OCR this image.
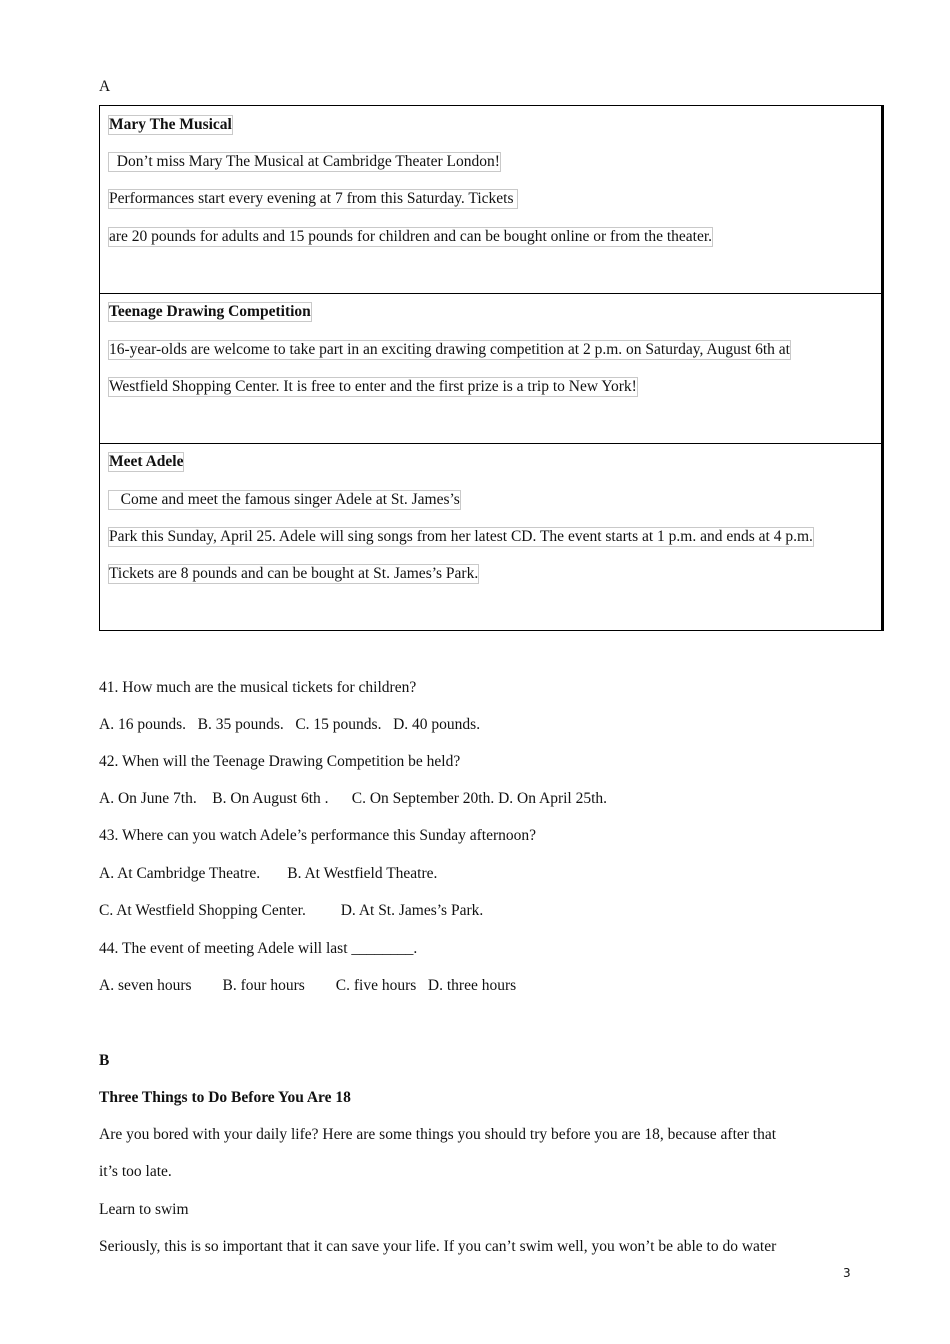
A
Mary The Musical
Don’t miss Mary The Musical at Cambridge Theater London!
Performances start every evening at 7 from this Saturday. Tickets
are 20 pounds for adults and 15 pounds for children and can be bought online or from the theater.
Teenage Drawing Competition
16-year-olds are welcome to take part in an exciting drawing competition at 2 p.m. on Saturday, August 6th at
Westfield Shopping Center. It is free to enter and the first prize is a trip to New York!
Meet Adele
Come and meet the famous singer Adele at St. James’s
Park this Sunday, April 25. Adele will sing songs from her latest CD. The event starts at 1 p.m. and ends at 4 p.m.
Tickets are 8 pounds and can be bought at St. James’s Park.
41. How much are the musical tickets for children?
A. 16 pounds.   B. 35 pounds.   C. 15 pounds.   D. 40 pounds.
42. When will the Teenage Drawing Competition be held?
A. On June 7th.    B. On August 6th .      C. On September 20th. D. On April 25th.
43. Where can you watch Adele’s performance this Sunday afternoon?
A. At Cambridge Theatre.       B. At Westfield Theatre.
C. At Westfield Shopping Center.         D. At St. James’s Park.
44. The event of meeting Adele will last ________.
A. seven hours        B. four hours        C. five hours   D. three hours
B
Three Things to Do Before You Are 18
Are you bored with your daily life? Here are some things you should try before you are 18, because after that
it’s too late.
Learn to swim
Seriously, this is so important that it can save your life. If you can’t swim well, you won’t be able to do water
3
